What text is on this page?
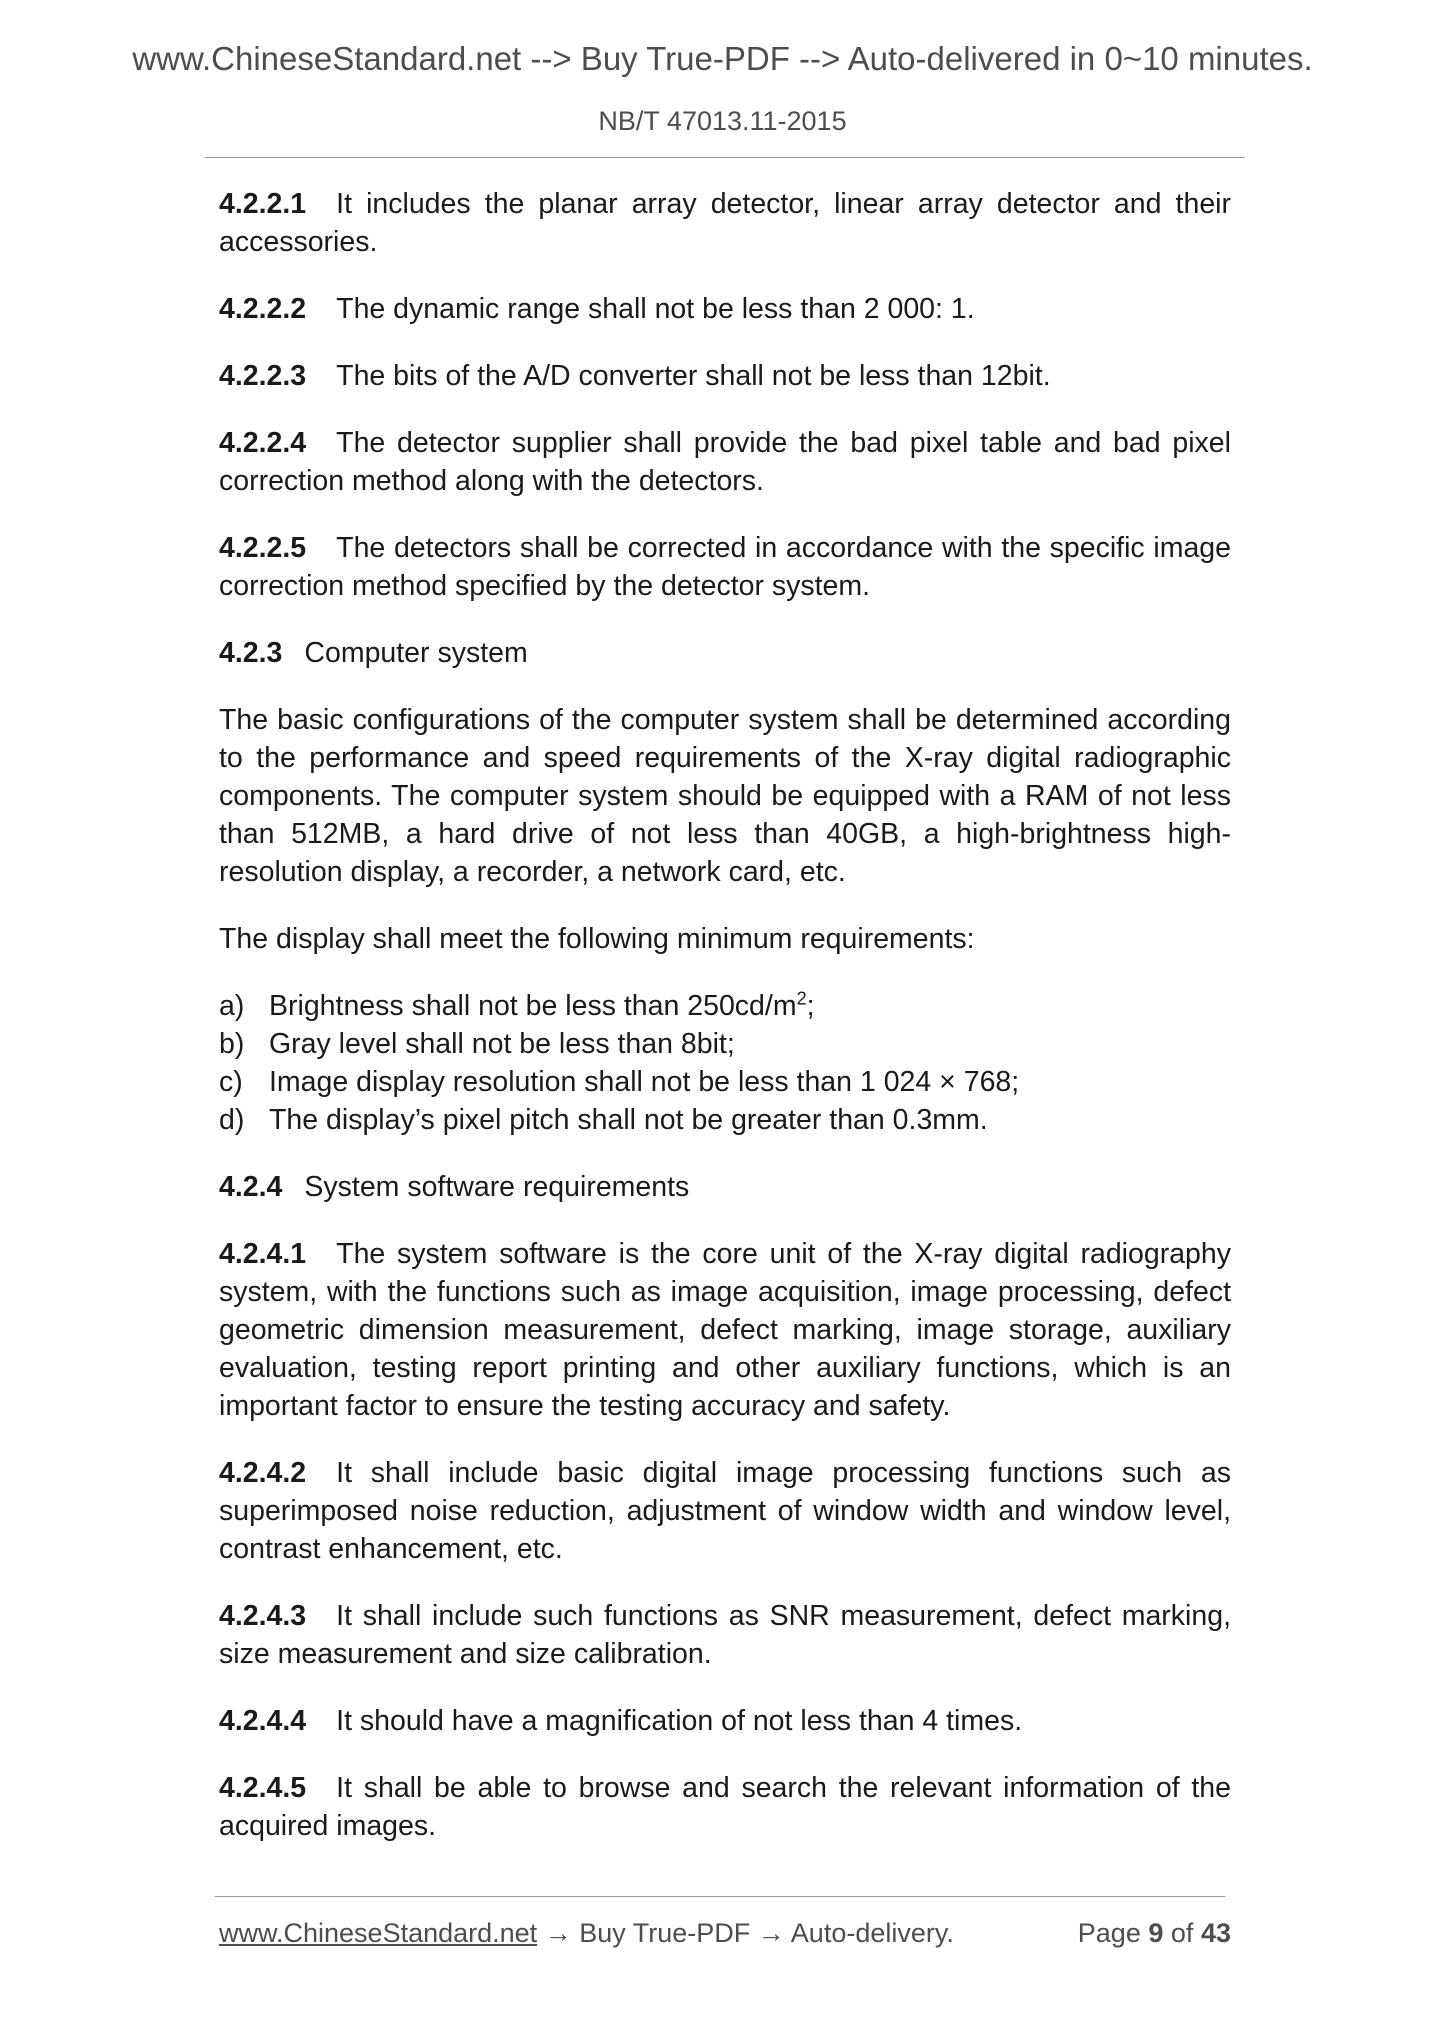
www.ChineseStandard.net --> Buy True-PDF --> Auto-delivered in 0~10 minutes.
NB/T 47013.11-2015

4.2.2.1 It includes the planar array detector, linear array detector and their accessories.

4.2.2.2 The dynamic range shall not be less than 2 000: 1.

4.2.2.3 The bits of the A/D converter shall not be less than 12bit.

4.2.2.4 The detector supplier shall provide the bad pixel table and bad pixel correction method along with the detectors.

4.2.2.5 The detectors shall be corrected in accordance with the specific image correction method specified by the detector system.

4.2.3 Computer system

The basic configurations of the computer system shall be determined according to the performance and speed requirements of the X-ray digital radiographic components. The computer system should be equipped with a RAM of not less than 512MB, a hard drive of not less than 40GB, a high-brightness high-resolution display, a recorder, a network card, etc.

The display shall meet the following minimum requirements:

a) Brightness shall not be less than $250cd/m^2$;
b) Gray level shall not be less than 8bit;
c) Image display resolution shall not be less than 1 024 × 768;
d) The display’s pixel pitch shall not be greater than 0.3mm.

4.2.4 System software requirements

4.2.4.1 The system software is the core unit of the X-ray digital radiography system, with the functions such as image acquisition, image processing, defect geometric dimension measurement, defect marking, image storage, auxiliary evaluation, testing report printing and other auxiliary functions, which is an important factor to ensure the testing accuracy and safety.

4.2.4.2 It shall include basic digital image processing functions such as superimposed noise reduction, adjustment of window width and window level, contrast enhancement, etc.

4.2.4.3 It shall include such functions as SNR measurement, defect marking, size measurement and size calibration.

4.2.4.4 It should have a magnification of not less than 4 times.

4.2.4.5 It shall be able to browse and search the relevant information of the acquired images.

www.ChineseStandard.net → Buy True-PDF → Auto-delivery.	Page 9 of 43
